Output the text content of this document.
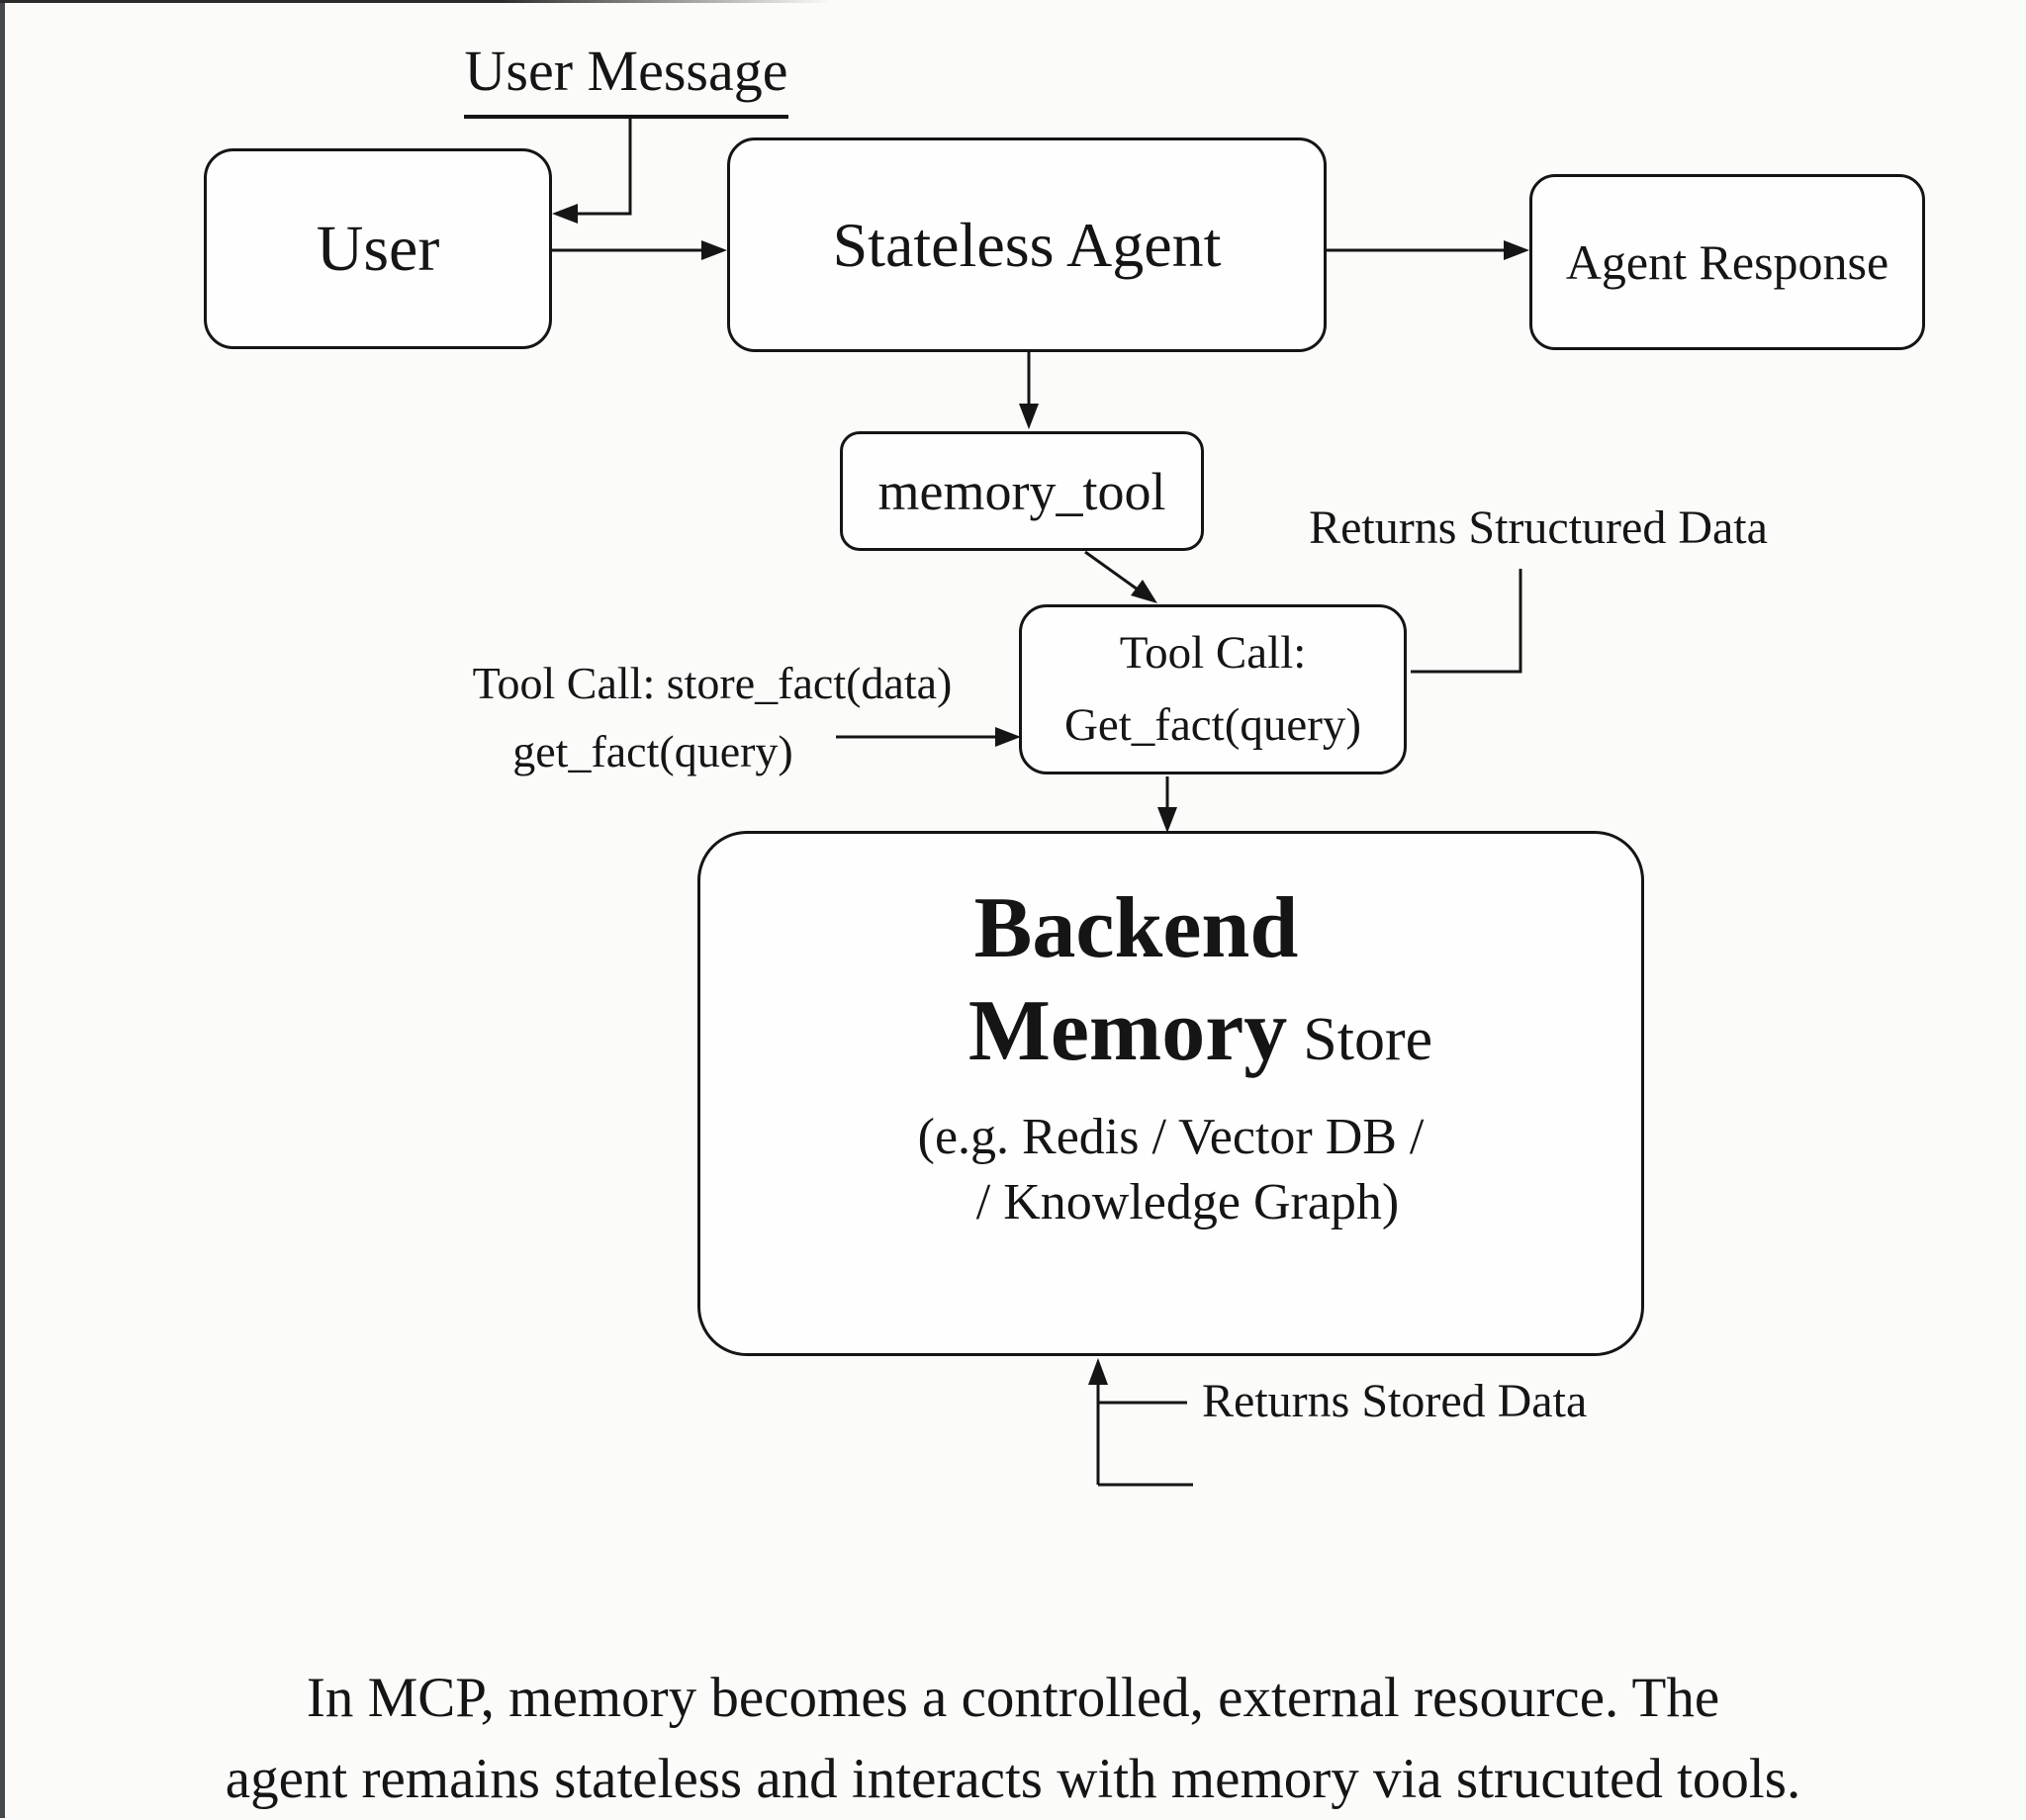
User Message
Returns Structured Data
Tool Call: store_fact(data)
get_fact(query)
Returns Stored Data
User	Stateless Agent	Agent Response
memory_tool
Tool Call:
Get_fact(query)
Backend
Memory Store
(e.g. Redis / Vector DB /
/ Knowledge Graph)
In MCP, memory becomes a controlled, external resource. The
agent remains stateless and interacts with memory via strucuted tools.
